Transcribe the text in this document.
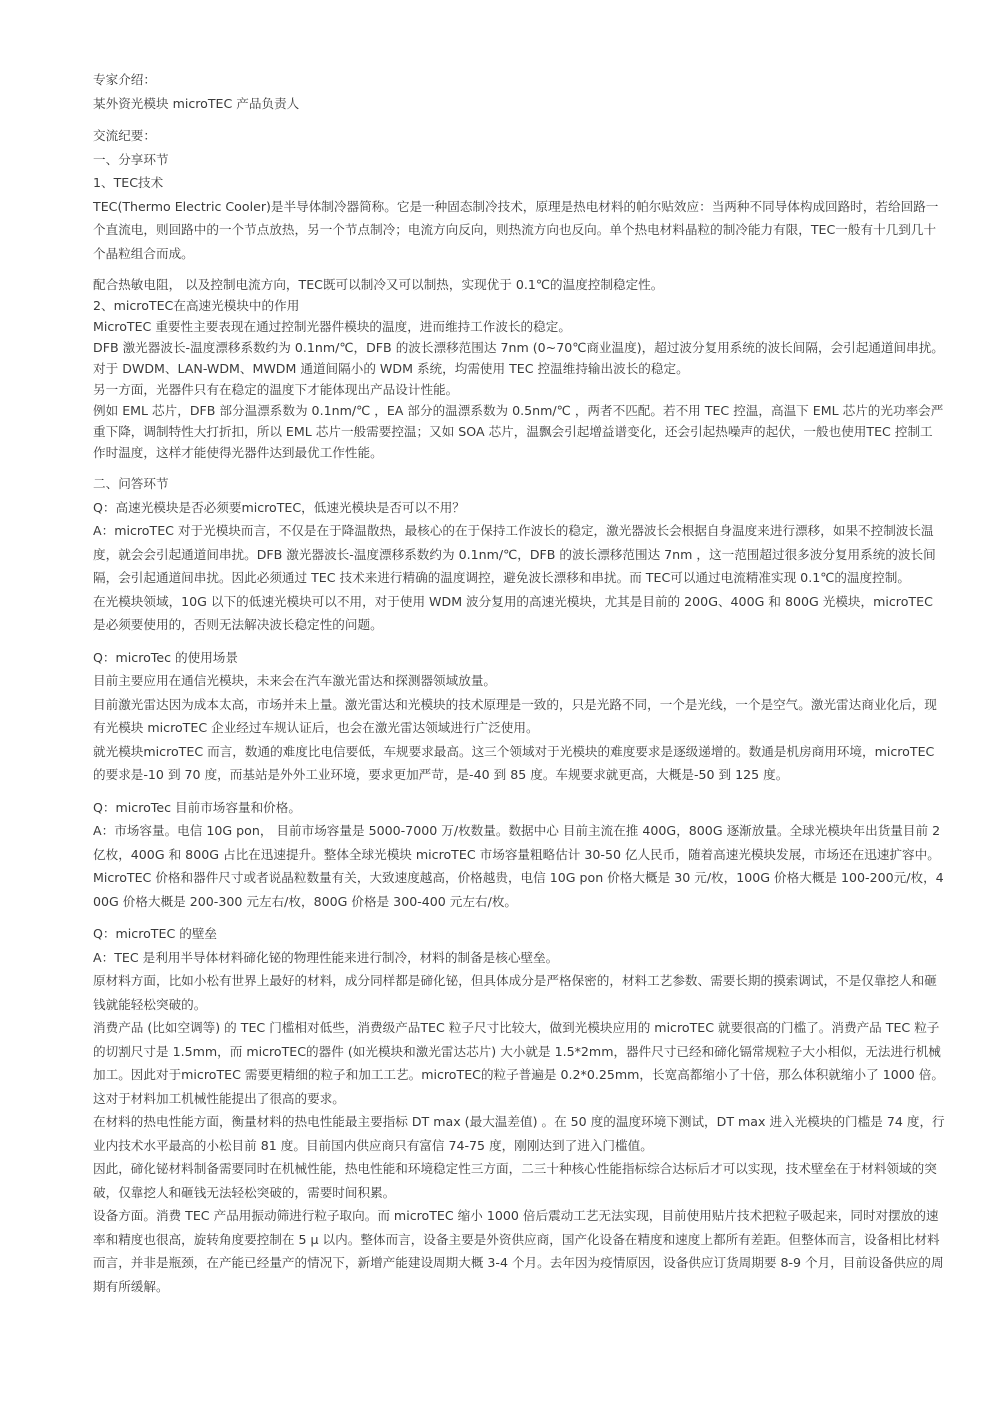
专家介绍：

某外资光模块 microTEC 产品负责人

交流纪要：

一、分享环节

1、TEC技术

TEC(Thermo Electric Cooler)是半导体制冷器简称。它是一种固态制冷技术，原理是热电材料的帕尔贴效应：当两种不同导体构成回路时，若给回路一个直流电，则回路中的一个节点放热，另一个节点制冷；电流方向反向，则热流方向也反向。单个热电材料晶粒的制冷能力有限，TEC一般有十几到几十个晶粒组合而成。

配合热敏电阻， 以及控制电流方向，TEC既可以制冷又可以制热，实现优于 0.1℃的温度控制稳定性。

2、microTEC在高速光模块中的作用

MicroTEC 重要性主要表现在通过控制光器件模块的温度，进而维持工作波长的稳定。

DFB 激光器波长-温度漂移系数约为 0.1nm/℃，DFB 的波长漂移范围达 7nm (0~70℃商业温度)，超过波分复用系统的波长间隔，会引起通道间串扰。对于 DWDM、LAN-WDM、MWDM 通道间隔小的 WDM 系统，均需使用 TEC 控温维持输出波长的稳定。

另一方面，光器件只有在稳定的温度下才能体现出产品设计性能。

例如 EML 芯片，DFB 部分温漂系数为 0.1nm/℃ ，EA 部分的温漂系数为 0.5nm/℃ ，两者不匹配。若不用 TEC 控温，高温下 EML 芯片的光功率会严重下降，调制特性大打折扣，所以 EML 芯片一般需要控温；又如 SOA 芯片，温飘会引起增益谱变化，还会引起热噪声的起伏，一般也使用TEC 控制工作时温度，这样才能使得光器件达到最优工作性能。

二、问答环节

Q：高速光模块是否必须要microTEC，低速光模块是否可以不用？

A：microTEC 对于光模块而言，不仅是在于降温散热，最核心的在于保持工作波长的稳定，激光器波长会根据自身温度来进行漂移，如果不控制波长温度，就会会引起通道间串扰。DFB 激光器波长-温度漂移系数约为 0.1nm/℃，DFB 的波长漂移范围达 7nm ，这一范围超过很多波分复用系统的波长间隔，会引起通道间串扰。因此必须通过 TEC 技术来进行精确的温度调控，避免波长漂移和串扰。而 TEC可以通过电流精准实现 0.1℃的温度控制。

在光模块领域，10G 以下的低速光模块可以不用，对于使用 WDM 波分复用的高速光模块，尤其是目前的 200G、400G 和 800G 光模块，microTEC 是必须要使用的，否则无法解决波长稳定性的问题。

Q：microTec 的使用场景

目前主要应用在通信光模块，未来会在汽车激光雷达和探测器领域放量。

目前激光雷达因为成本太高，市场并未上量。激光雷达和光模块的技术原理是一致的，只是光路不同，一个是光线，一个是空气。激光雷达商业化后，现有光模块 microTEC 企业经过车规认证后，也会在激光雷达领域进行广泛使用。

就光模块microTEC 而言，数通的难度比电信要低，车规要求最高。这三个领域对于光模块的难度要求是逐级递增的。数通是机房商用环境，microTEC 的要求是-10 到 70 度，而基站是外外工业环境，要求更加严苛，是-40 到 85 度。车规要求就更高，大概是-50 到 125 度。

Q：microTec 目前市场容量和价格。

A：市场容量。电信 10G pon， 目前市场容量是 5000-7000 万/枚数量。数据中心 目前主流在推 400G，800G 逐渐放量。全球光模块年出货量目前 2 亿枚，400G 和 800G 占比在迅速提升。整体全球光模块 microTEC 市场容量粗略估计 30-50 亿人民币，随着高速光模块发展，市场还在迅速扩容中。

MicroTEC 价格和器件尺寸或者说晶粒数量有关，大致速度越高，价格越贵，电信 10G pon 价格大概是 30 元/枚，100G 价格大概是 100-200元/枚，400G 价格大概是 200-300 元左右/枚，800G 价格是 300-400 元左右/枚。

Q：microTEC 的壁垒

A：TEC 是利用半导体材料碲化铋的物理性能来进行制冷，材料的制备是核心壁垒。

原材料方面，比如小松有世界上最好的材料，成分同样都是碲化铋，但具体成分是严格保密的，材料工艺参数、需要长期的摸索调试，不是仅靠挖人和砸钱就能轻松突破的。

消费产品 (比如空调等) 的 TEC 门槛相对低些，消费级产品TEC 粒子尺寸比较大，做到光模块应用的 microTEC 就要很高的门槛了。消费产品 TEC 粒子的切割尺寸是 1.5mm，而 microTEC的器件 (如光模块和激光雷达芯片) 大小就是 1.5*2mm，器件尺寸已经和碲化镉常规粒子大小相似，无法进行机械加工。因此对于microTEC 需要更精细的粒子和加工工艺。microTEC的粒子普遍是 0.2*0.25mm，长宽高都缩小了十倍，那么体积就缩小了 1000 倍。这对于材料加工机械性能提出了很高的要求。

在材料的热电性能方面，衡量材料的热电性能最主要指标 DT max (最大温差值) 。在 50 度的温度环境下测试，DT max 进入光模块的门槛是 74 度，行业内技术水平最高的小松目前 81 度。目前国内供应商只有富信 74-75 度，刚刚达到了进入门槛值。

因此，碲化铋材料制备需要同时在机械性能，热电性能和环境稳定性三方面，二三十种核心性能指标综合达标后才可以实现，技术壁垒在于材料领域的突破，仅靠挖人和砸钱无法轻松突破的，需要时间积累。

设备方面。消费 TEC 产品用振动筛进行粒子取向。而 microTEC 缩小 1000 倍后震动工艺无法实现，目前使用贴片技术把粒子吸起来，同时对摆放的速率和精度也很高，旋转角度要控制在 5 μ 以内。整体而言，设备主要是外资供应商，国产化设备在精度和速度上都所有差距。但整体而言，设备相比材料而言，并非是瓶颈，在产能已经量产的情况下，新增产能建设周期大概 3-4 个月。去年因为疫情原因，设备供应订货周期要 8-9 个月，目前设备供应的周期有所缓解。
